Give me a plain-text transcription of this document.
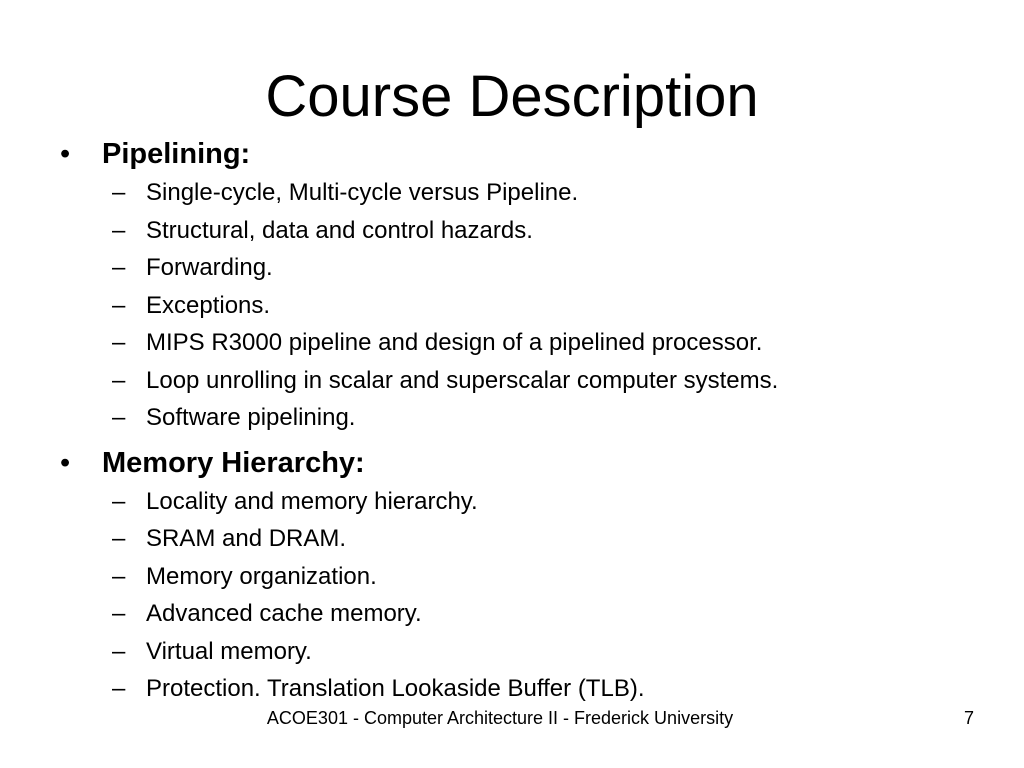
Course Description
•	Pipelining:
– Single-cycle, Multi-cycle versus Pipeline.
– Structural, data and control hazards.
– Forwarding.
– Exceptions.
– MIPS R3000 pipeline and design of a pipelined processor.
– Loop unrolling in scalar and superscalar computer systems.
– Software pipelining.
•	Memory Hierarchy:
– Locality and memory hierarchy.
– SRAM and DRAM.
– Memory organization.
– Advanced cache memory.
– Virtual memory.
– Protection. Translation Lookaside Buffer (TLB).
ACOE301 - Computer Architecture II - Frederick University	7
